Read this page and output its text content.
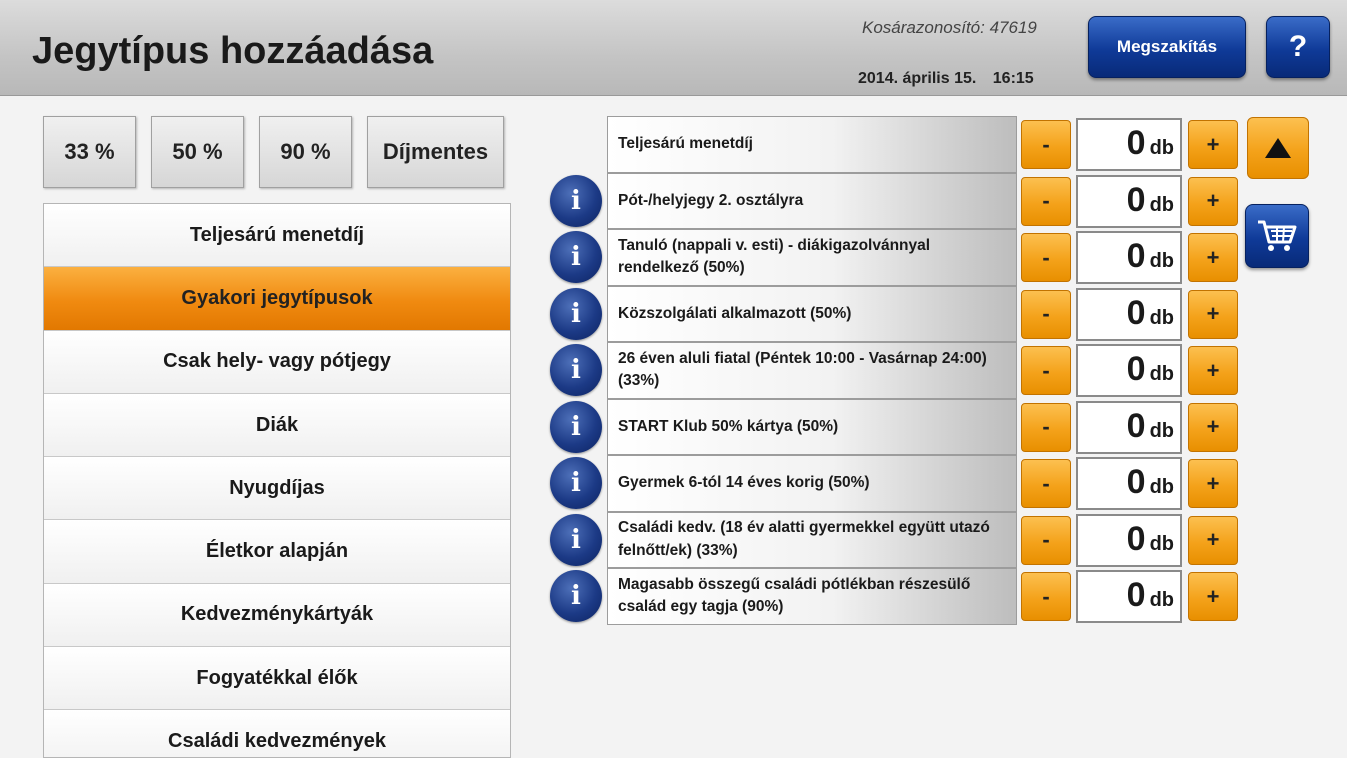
Jegytípus hozzáadása
Kosárazonosító: 47619
2014. április 15. 16:15
Megszakítás	?
33 %	50 %	90 %	Díjmentes
Teljesárú menetdíj
Gyakori jegytípusok
Csak hely- vagy pótjegy
Diák
Nyugdíjas
Életkor alapján
Kedvezménykártyák
Fogyatékkal élők
Családi kedvezmények
Teljesárú menetdíj	-	0 db	+
i	Pót-/helyjegy 2. osztályra	-	0 db	+
i	Tanuló (nappali v. esti) - diákigazolvánnyal rendelkező (50%)	-	0 db	+
i	Közszolgálati alkalmazott (50%)	-	0 db	+
i	26 éven aluli fiatal (Péntek 10:00 - Vasárnap 24:00) (33%)	-	0 db	+
i	START Klub 50% kártya (50%)	-	0 db	+
i	Gyermek 6-tól 14 éves korig (50%)	-	0 db	+
i	Családi kedv. (18 év alatti gyermekkel együtt utazó felnőtt/ek) (33%)	-	0 db	+
i	Magasabb összegű családi pótlékban részesülő család egy tagja (90%)	-	0 db	+
